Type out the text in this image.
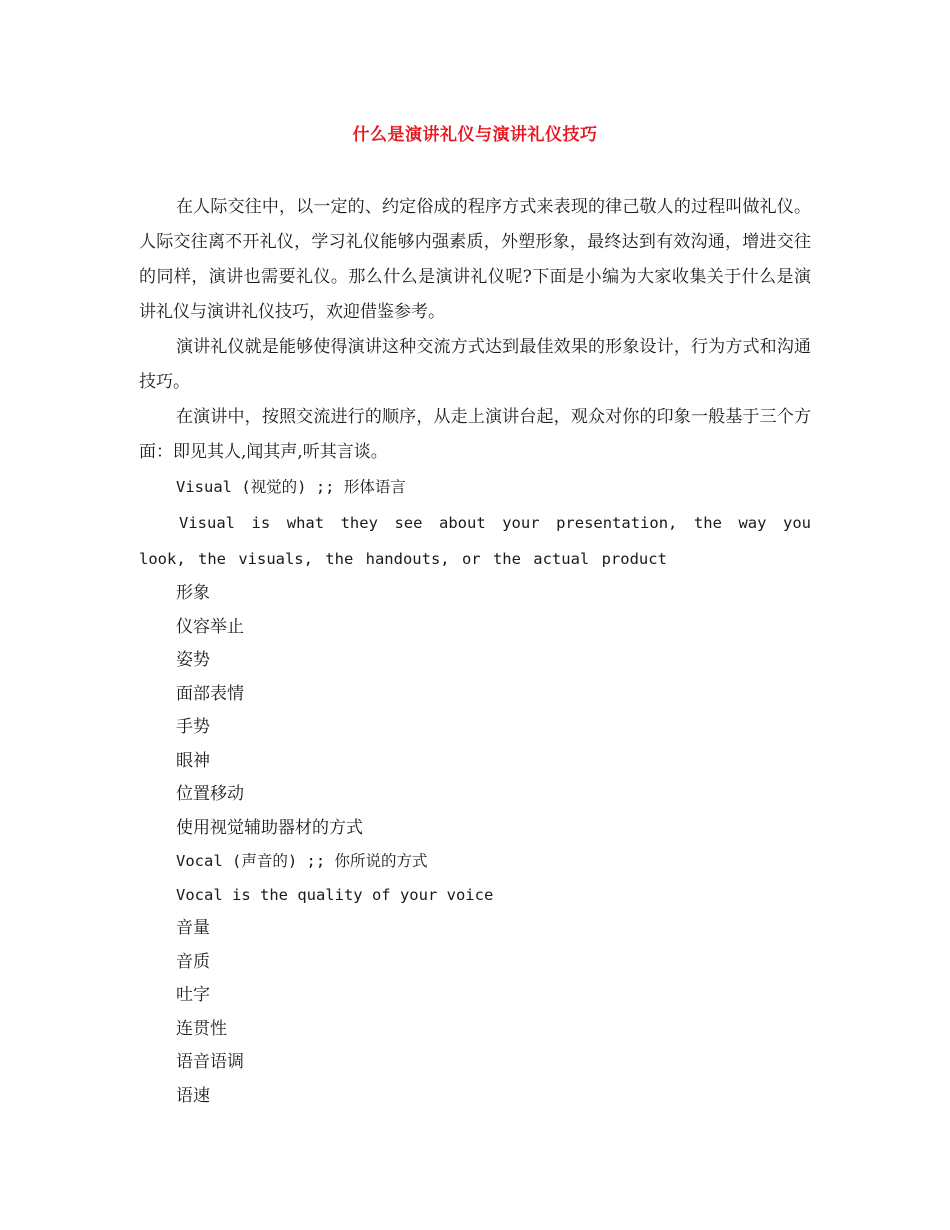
什么是演讲礼仪与演讲礼仪技巧

在人际交往中，以一定的、约定俗成的程序方式来表现的律己敬人的过程叫做礼仪。人际交往离不开礼仪，学习礼仪能够内强素质，外塑形象，最终达到有效沟通，增进交往的同样，演讲也需要礼仪。那么什么是演讲礼仪呢?下面是小编为大家收集关于什么是演讲礼仪与演讲礼仪技巧，欢迎借鉴参考。

演讲礼仪就是能够使得演讲这种交流方式达到最佳效果的形象设计，行为方式和沟通技巧。

在演讲中，按照交流进行的顺序，从走上演讲台起，观众对你的印象一般基于三个方面：即见其人,闻其声,听其言谈。

Visual (视觉的) ;; 形体语言

Visual is what they see about your presentation, the way you look, the visuals, the handouts, or the actual product

形象

仪容举止

姿势

面部表情

手势

眼神

位置移动

使用视觉辅助器材的方式

Vocal (声音的) ;; 你所说的方式

Vocal is the quality of your voice

音量

音质

吐字

连贯性

语音语调

语速
